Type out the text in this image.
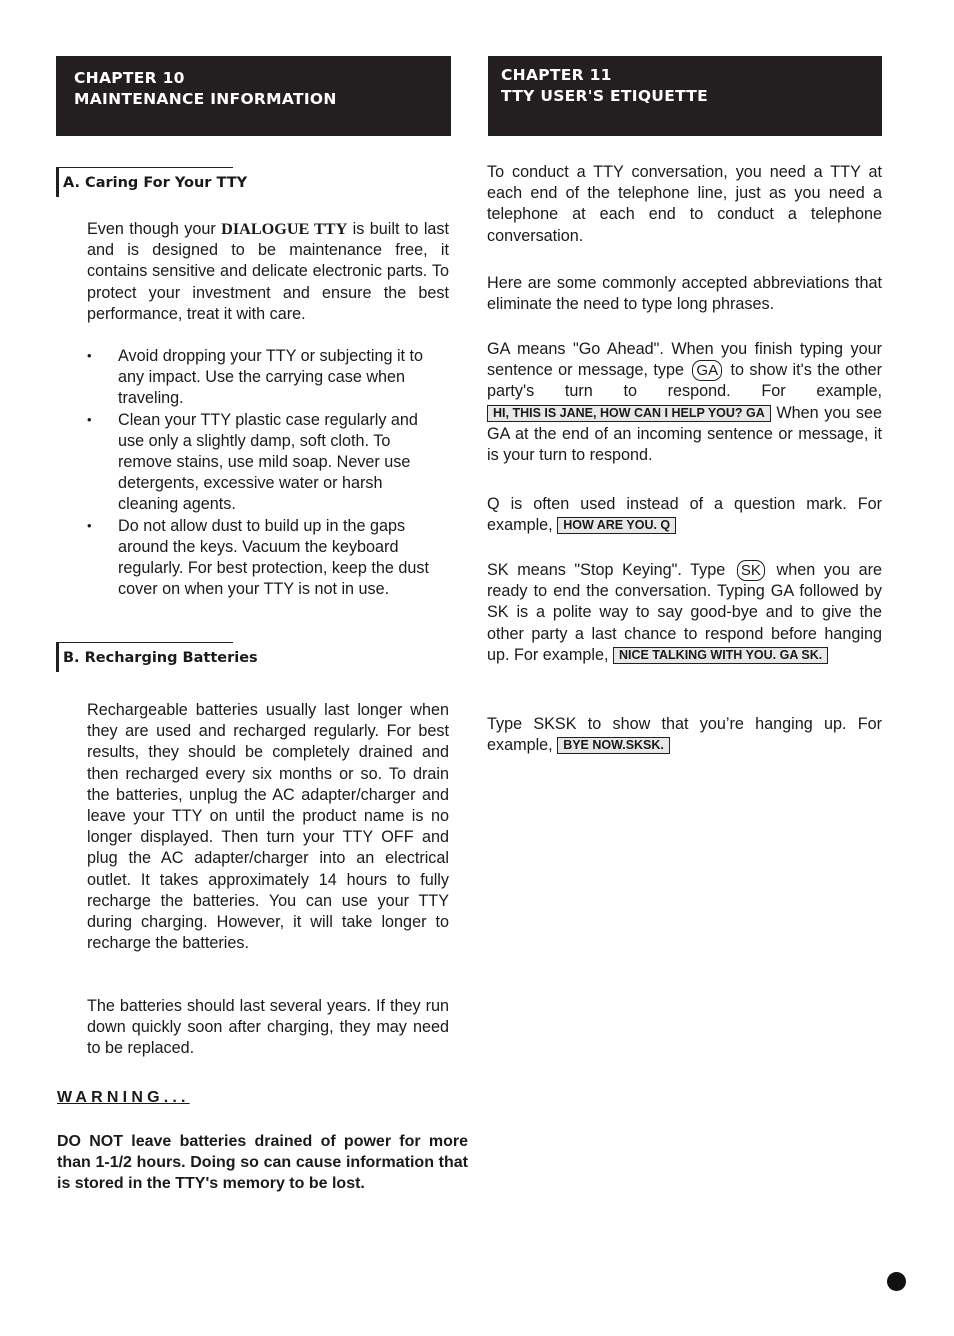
CHAPTER 10
MAINTENANCE INFORMATION
A. Caring For Your TTY

Even though your DIALOGUE TTY is built to last and is designed to be maintenance free, it contains sensitive and delicate electronic parts. To protect your investment and ensure the best performance, treat it with care.

• Avoid dropping your TTY or subjecting it to any impact. Use the carrying case when traveling.
• Clean your TTY plastic case regularly and use only a slightly damp, soft cloth. To remove stains, use mild soap. Never use detergents, excessive water or harsh cleaning agents.
• Do not allow dust to build up in the gaps around the keys. Vacuum the keyboard regularly. For best protection, keep the dust cover on when your TTY is not in use.
B. Recharging Batteries

Rechargeable batteries usually last longer when they are used and recharged regularly. For best results, they should be completely drained and then recharged every six months or so. To drain the batteries, unplug the AC adapter/charger and leave your TTY on until the product name is no longer displayed. Then turn your TTY OFF and plug the AC adapter/charger into an electrical outlet. It takes approximately 14 hours to fully recharge the batteries. You can use your TTY during charging. However, it will take longer to recharge the batteries.

The batteries should last several years. If they run down quickly soon after charging, they may need to be replaced.

WARNING...

DO NOT leave batteries drained of power for more than 1-1/2 hours. Doing so can cause information that is stored in the TTY's memory to be lost.

CHAPTER 11
TTY USER'S ETIQUETTE

To conduct a TTY conversation, you need a TTY at each end of the telephone line, just as you need a telephone at each end to conduct a telephone conversation.

Here are some commonly accepted abbreviations that eliminate the need to type long phrases.

GA means "Go Ahead". When you finish typing your sentence or message, type GA to show it's the other party's turn to respond. For example, HI, THIS IS JANE, HOW CAN I HELP YOU? GA When you see GA at the end of an incoming sentence or message, it is your turn to respond.

Q is often used instead of a question mark. For example, HOW ARE YOU. Q

SK means "Stop Keying". Type SK when you are ready to end the conversation. Typing GA followed by SK is a polite way to say good-bye and to give the other party a last chance to respond before hanging up. For example, NICE TALKING WITH YOU. GA SK.

Type SKSK to show that you’re hanging up. For example, BYE NOW.SKSK.
